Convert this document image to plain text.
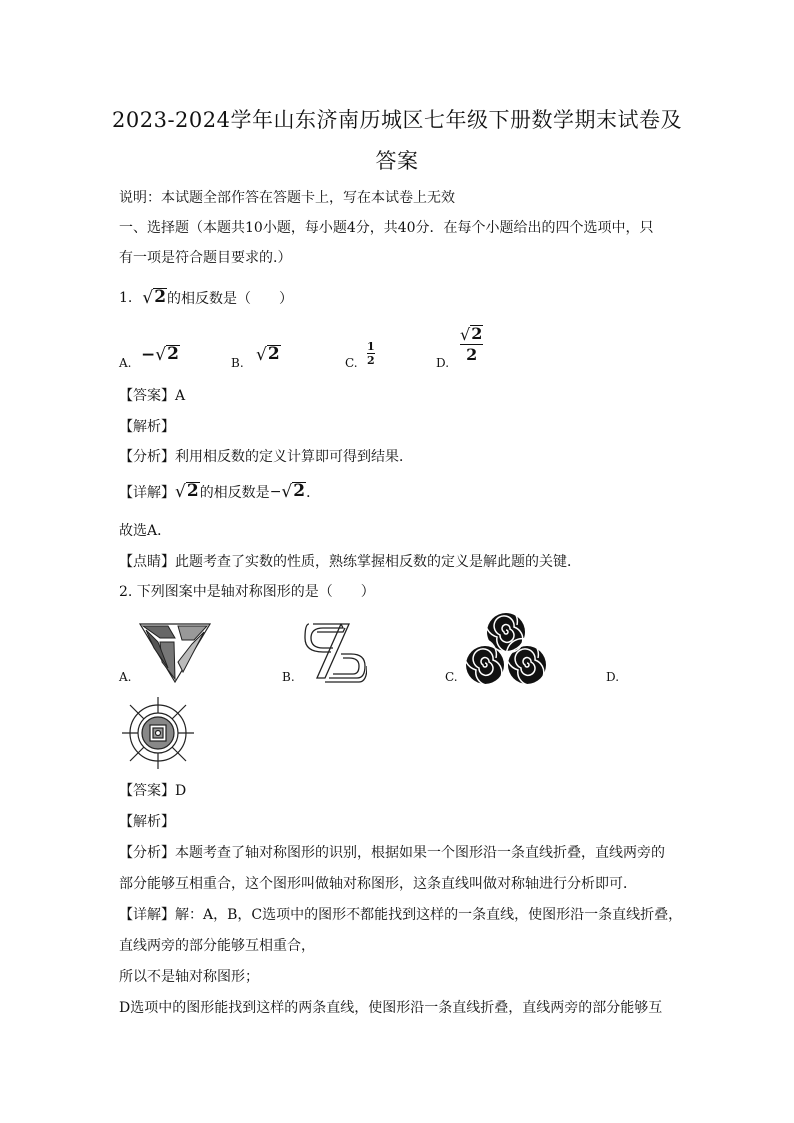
2023-2024学年山东济南历城区七年级下册数学期末试卷及
答案
说明：本试题全部作答在答题卡上，写在本试卷上无效
一、选择题（本题共10小题，每小题4分，共40分．在每个小题给出的四个选项中，只
有一项是符合题目要求的.）
1. √ 2 的相反数是（　　）
A. − √ 2	B. √ 2	C. $\frac{1}{2}$	D. $\frac{√ 2}{2}$
【答案】A
【解析】
【分析】利用相反数的定义计算即可得到结果．
【详解】 √ 2 的相反数是 − √ 2 ．
故选A．
【点睛】此题考查了实数的性质，熟练掌握相反数的定义是解此题的关键．
2. 下列图案中是轴对称图形的是（　　）
A.	B.	C.	D.
【答案】D
【解析】
【分析】本题考查了轴对称图形的识别，根据如果一个图形沿一条直线折叠，直线两旁的
部分能够互相重合，这个图形叫做轴对称图形，这条直线叫做对称轴进行分析即可．
【详解】解：A，B，C选项中的图形不都能找到这样的一条直线，使图形沿一条直线折叠，
直线两旁的部分能够互相重合，
所以不是轴对称图形；
D选项中的图形能找到这样的两条直线，使图形沿一条直线折叠，直线两旁的部分能够互
